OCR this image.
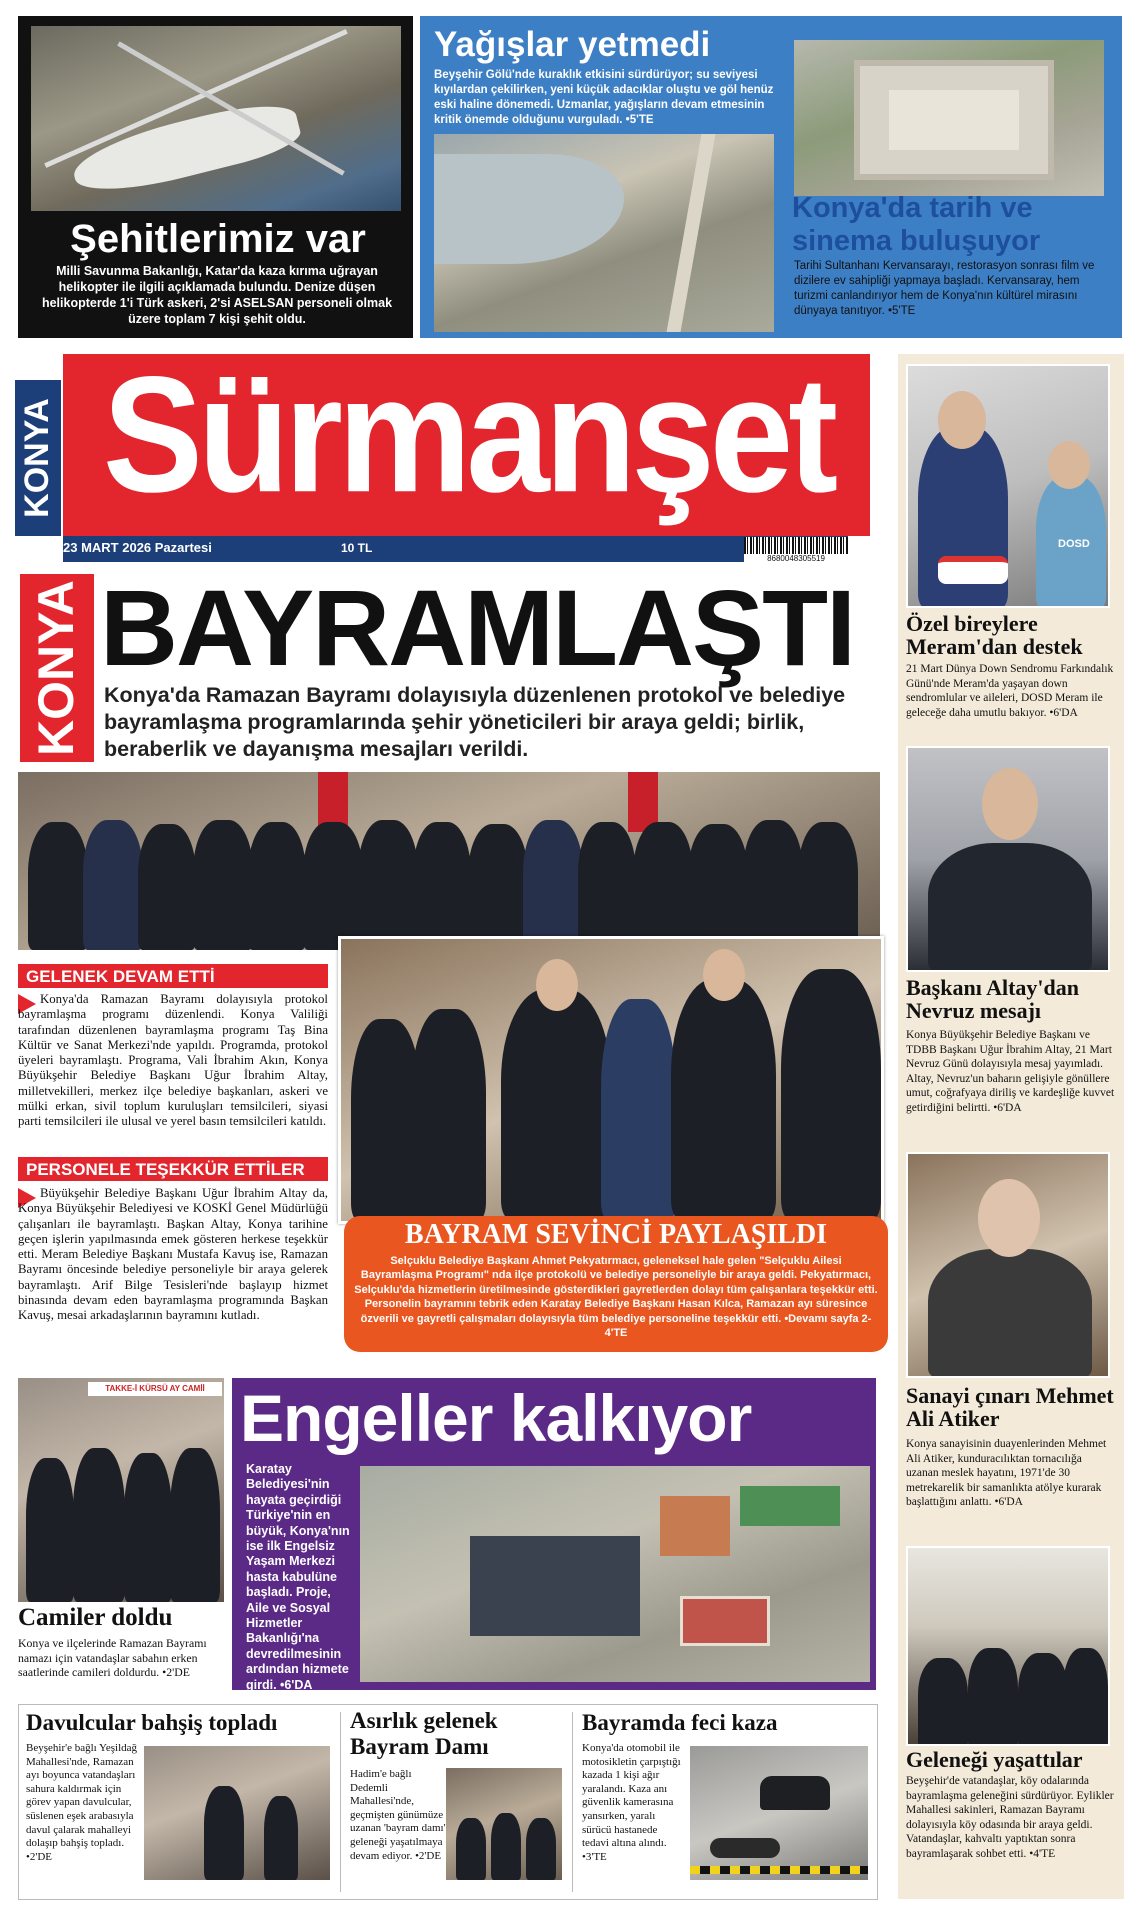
Şehitlerimiz var
Milli Savunma Bakanlığı, Katar'da kaza kırıma uğrayan helikopter ile ilgili açıklamada bulundu. Denize düşen helikopterde 1'i Türk askeri, 2'si ASELSAN personeli olmak üzere toplam 7 kişi şehit oldu.
Yağışlar yetmedi
Beyşehir Gölü'nde kuraklık etkisini sürdürüyor; su seviyesi kıyılardan çekilirken, yeni küçük adacıklar oluştu ve göl henüz eski haline dönemedi. Uzmanlar, yağışların devam etmesinin kritik önemde olduğunu vurguladı. •5'TE
Konya'da tarih ve sinema buluşuyor
Tarihi Sultanhanı Kervansarayı, restorasyon sonrası film ve dizilere ev sahipliği yapmaya başladı. Kervansaray, hem turizmi canlandırıyor hem de Konya'nın kültürel mirasını dünyaya tanıtıyor. •5'TE
KONYA Sürmanşet
23 MART 2026 Pazartesi	10 TL
8680048305519
KONYA BAYRAMLAŞTI
Konya'da Ramazan Bayramı dolayısıyla düzenlenen protokol ve belediye bayramlaşma programlarında şehir yöneticileri bir araya geldi; birlik, beraberlik ve dayanışma mesajları verildi.
GELENEK DEVAM ETTİ
Konya'da Ramazan Bayramı dolayısıyla protokol bayramlaşma programı düzenlendi. Konya Valiliği tarafından düzenlenen bayramlaşma programı Taş Bina Kültür ve Sanat Merkezi'nde yapıldı. Programda, protokol üyeleri bayramlaştı. Programa, Vali İbrahim Akın, Konya Büyükşehir Belediye Başkanı Uğur İbrahim Altay, milletvekilleri, merkez ilçe belediye başkanları, askeri ve mülki erkan, sivil toplum kuruluşları temsilcileri, siyasi parti temsilcileri ile ulusal ve yerel basın temsilcileri katıldı.
PERSONELE TEŞEKKÜR ETTİLER
Büyükşehir Belediye Başkanı Uğur İbrahim Altay da, Konya Büyükşehir Belediyesi ve KOSKİ Genel Müdürlüğü çalışanları ile bayramlaştı. Başkan Altay, Konya tarihine geçen işlerin yapılmasında emek gösteren herkese teşekkür etti. Meram Belediye Başkanı Mustafa Kavuş ise, Ramazan Bayramı öncesinde belediye personeliyle bir araya gelerek bayramlaştı. Arif Bilge Tesisleri'nde başlayıp hizmet binasında devam eden bayramlaşma programında Başkan Kavuş, mesai arkadaşlarının bayramını kutladı.
BAYRAM SEVİNCİ PAYLAŞILDI
Selçuklu Belediye Başkanı Ahmet Pekyatırmacı, geleneksel hale gelen "Selçuklu Ailesi Bayramlaşma Programı" nda ilçe protokolü ve belediye personeliyle bir araya geldi. Pekyatırmacı, Selçuklu'da hizmetlerin üretilmesinde gösterdikleri gayretlerden dolayı tüm çalışanlara teşekkür etti. Personelin bayramını tebrik eden Karatay Belediye Başkanı Hasan Kılca, Ramazan ayı süresince özverili ve gayretli çalışmaları dolayısıyla tüm belediye personeline teşekkür etti. •Devamı sayfa 2-4'TE
DOSD
Özel bireylere Meram'dan destek
21 Mart Dünya Down Sendromu Farkındalık Günü'nde Meram'da yaşayan down sendromlular ve aileleri, DOSD Meram ile geleceğe daha umutlu bakıyor. •6'DA
Başkanı Altay'dan Nevruz mesajı
Konya Büyükşehir Belediye Başkanı ve TDBB Başkanı Uğur İbrahim Altay, 21 Mart Nevruz Günü dolayısıyla mesaj yayımladı. Altay, Nevruz'un baharın gelişiyle gönüllere umut, coğrafyaya diriliş ve kardeşliğe kuvvet getirdiğini belirtti. •6'DA
Sanayi çınarı Mehmet Ali Atiker
Konya sanayisinin duayenlerinden Mehmet Ali Atiker, kunduracılıktan tornacılığa uzanan meslek hayatını, 1971'de 30 metrekarelik bir samanlıkta atölye kurarak başlattığını anlattı. •6'DA
Geleneği yaşattılar
Beyşehir'de vatandaşlar, köy odalarında bayramlaşma geleneğini sürdürüyor. Eylikler Mahallesi sakinleri, Ramazan Bayramı dolayısıyla köy odasında bir araya geldi. Vatandaşlar, kahvaltı yaptıktan sonra bayramlaşarak sohbet etti. •4'TE
TAKKE-İ KÜRSÜ AY CAMİİ
Camiler doldu
Konya ve ilçelerinde Ramazan Bayramı namazı için vatandaşlar sabahın erken saatlerinde camileri doldurdu. •2'DE
Engeller kalkıyor
Karatay Belediyesi'nin hayata geçirdiği Türkiye'nin en büyük, Konya'nın ise ilk Engelsiz Yaşam Merkezi hasta kabulüne başladı. Proje, Aile ve Sosyal Hizmetler Bakanlığı'na devredilmesinin ardından hizmete girdi. •6'DA
Davulcular bahşiş topladı
Beyşehir'e bağlı Yeşildağ Mahallesi'nde, Ramazan ayı boyunca vatandaşları sahura kaldırmak için görev yapan davulcular, süslenen eşek arabasıyla davul çalarak mahalleyi dolaşıp bahşiş topladı. •2'DE
Asırlık gelenek Bayram Damı
Hadim'e bağlı Dedemli Mahallesi'nde, geçmişten günümüze uzanan 'bayram damı' geleneği yaşatılmaya devam ediyor. •2'DE
Bayramda feci kaza
Konya'da otomobil ile motosikletin çarpıştığı kazada 1 kişi ağır yaralandı. Kaza anı güvenlik kamerasına yansırken, yaralı sürücü hastanede tedavi altına alındı. •3'TE
